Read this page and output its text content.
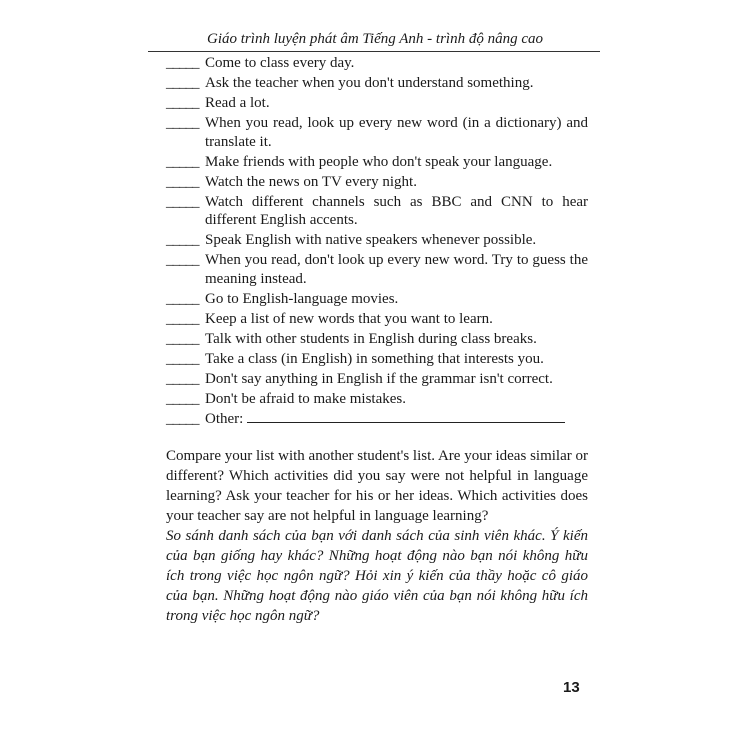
Giáo trình luyện phát âm Tiếng Anh - trình độ nâng cao
_____ Come to class every day.
_____ Ask the teacher when you don't understand something.
_____ Read a lot.
_____ When you read, look up every new word (in a dictionary) and translate it.
_____ Make friends with people who don't speak your language.
_____ Watch the news on TV every night.
_____ Watch different channels such as BBC and CNN to hear different English accents.
_____ Speak English with native speakers whenever possible.
_____ When you read, don't look up every new word. Try to guess the meaning instead.
_____ Go to English-language movies.
_____ Keep a list of new words that you want to learn.
_____ Talk with other students in English during class breaks.
_____ Take a class (in English) in something that interests you.
_____ Don't say anything in English if the grammar isn't correct.
_____ Don't be afraid to make mistakes.
_____ Other:
Compare your list with another student's list. Are your ideas similar or different? Which activities did you say were not helpful in language learning? Ask your teacher for his or her ideas. Which activities does your teacher say are not helpful in language learning?
So sánh danh sách của bạn với danh sách của sinh viên khác. Ý kiến của bạn giống hay khác? Những hoạt động nào bạn nói không hữu ích trong việc học ngôn ngữ? Hỏi xin ý kiến của thầy hoặc cô giáo của bạn. Những hoạt động nào giáo viên của bạn nói không hữu ích trong việc học ngôn ngữ?
13
